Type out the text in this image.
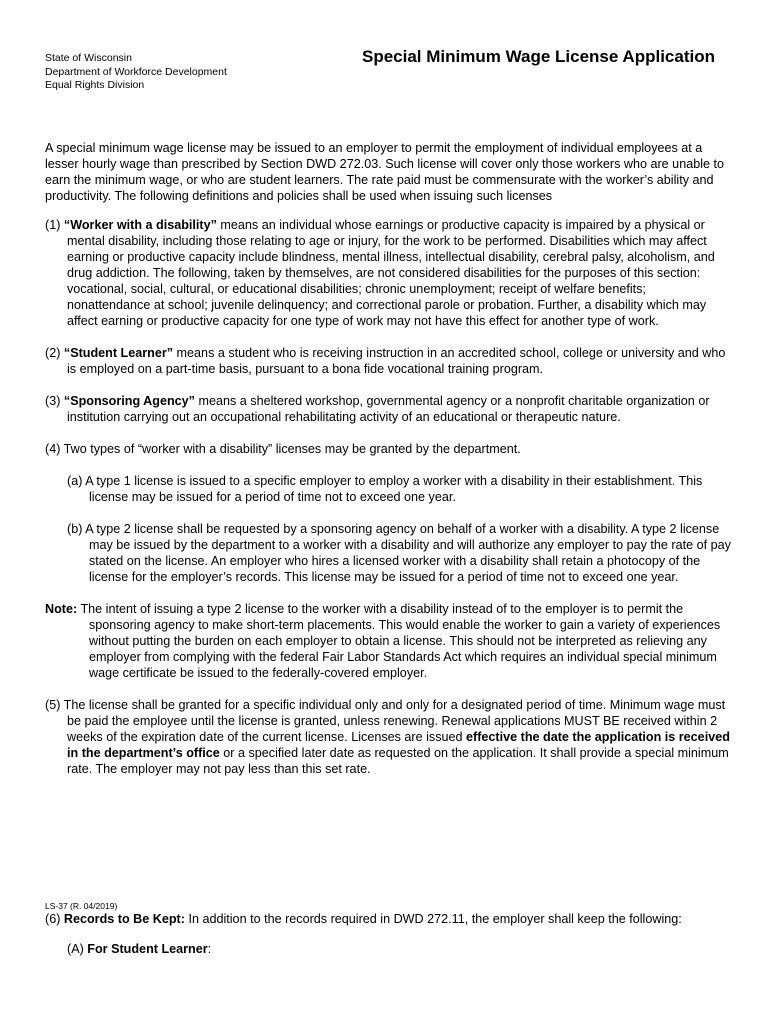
State of Wisconsin
Department of Workforce Development
Equal Rights Division
Special Minimum Wage License Application

A special minimum wage license may be issued to an employer to permit the employment of individual employees at a lesser hourly wage than prescribed by Section DWD 272.03. Such license will cover only those workers who are unable to earn the minimum wage, or who are student learners. The rate paid must be commensurate with the worker’s ability and productivity. The following definitions and policies shall be used when issuing such licenses

(1) “Worker with a disability” means an individual whose earnings or productive capacity is impaired by a physical or mental disability, including those relating to age or injury, for the work to be performed. Disabilities which may affect earning or productive capacity include blindness, mental illness, intellectual disability, cerebral palsy, alcoholism, and drug addiction. The following, taken by themselves, are not considered disabilities for the purposes of this section: vocational, social, cultural, or educational disabilities; chronic unemployment; receipt of welfare benefits; nonattendance at school; juvenile delinquency; and correctional parole or probation. Further, a disability which may affect earning or productive capacity for one type of work may not have this effect for another type of work.

(2) “Student Learner” means a student who is receiving instruction in an accredited school, college or university and who is employed on a part-time basis, pursuant to a bona fide vocational training program.

(3) “Sponsoring Agency” means a sheltered workshop, governmental agency or a nonprofit charitable organization or institution carrying out an occupational rehabilitating activity of an educational or therapeutic nature.

(4) Two types of “worker with a disability” licenses may be granted by the department.

(a) A type 1 license is issued to a specific employer to employ a worker with a disability in their establishment. This license may be issued for a period of time not to exceed one year.

(b) A type 2 license shall be requested by a sponsoring agency on behalf of a worker with a disability. A type 2 license may be issued by the department to a worker with a disability and will authorize any employer to pay the rate of pay stated on the license. An employer who hires a licensed worker with a disability shall retain a photocopy of the license for the employer’s records. This license may be issued for a period of time not to exceed one year.

Note: The intent of issuing a type 2 license to the worker with a disability instead of to the employer is to permit the sponsoring agency to make short-term placements. This would enable the worker to gain a variety of experiences without putting the burden on each employer to obtain a license. This should not be interpreted as relieving any employer from complying with the federal Fair Labor Standards Act which requires an individual special minimum wage certificate be issued to the federally-covered employer.

(5) The license shall be granted for a specific individual only and only for a designated period of time. Minimum wage must be paid the employee until the license is granted, unless renewing. Renewal applications MUST BE received within 2 weeks of the expiration date of the current license. Licenses are issued effective the date the application is received in the department’s office or a specified later date as requested on the application. It shall provide a special minimum rate. The employer may not pay less than this set rate.

LS-37 (R. 04/2019)

(6) Records to Be Kept: In addition to the records required in DWD 272.11, the employer shall keep the following:

(A) For Student Learner:
